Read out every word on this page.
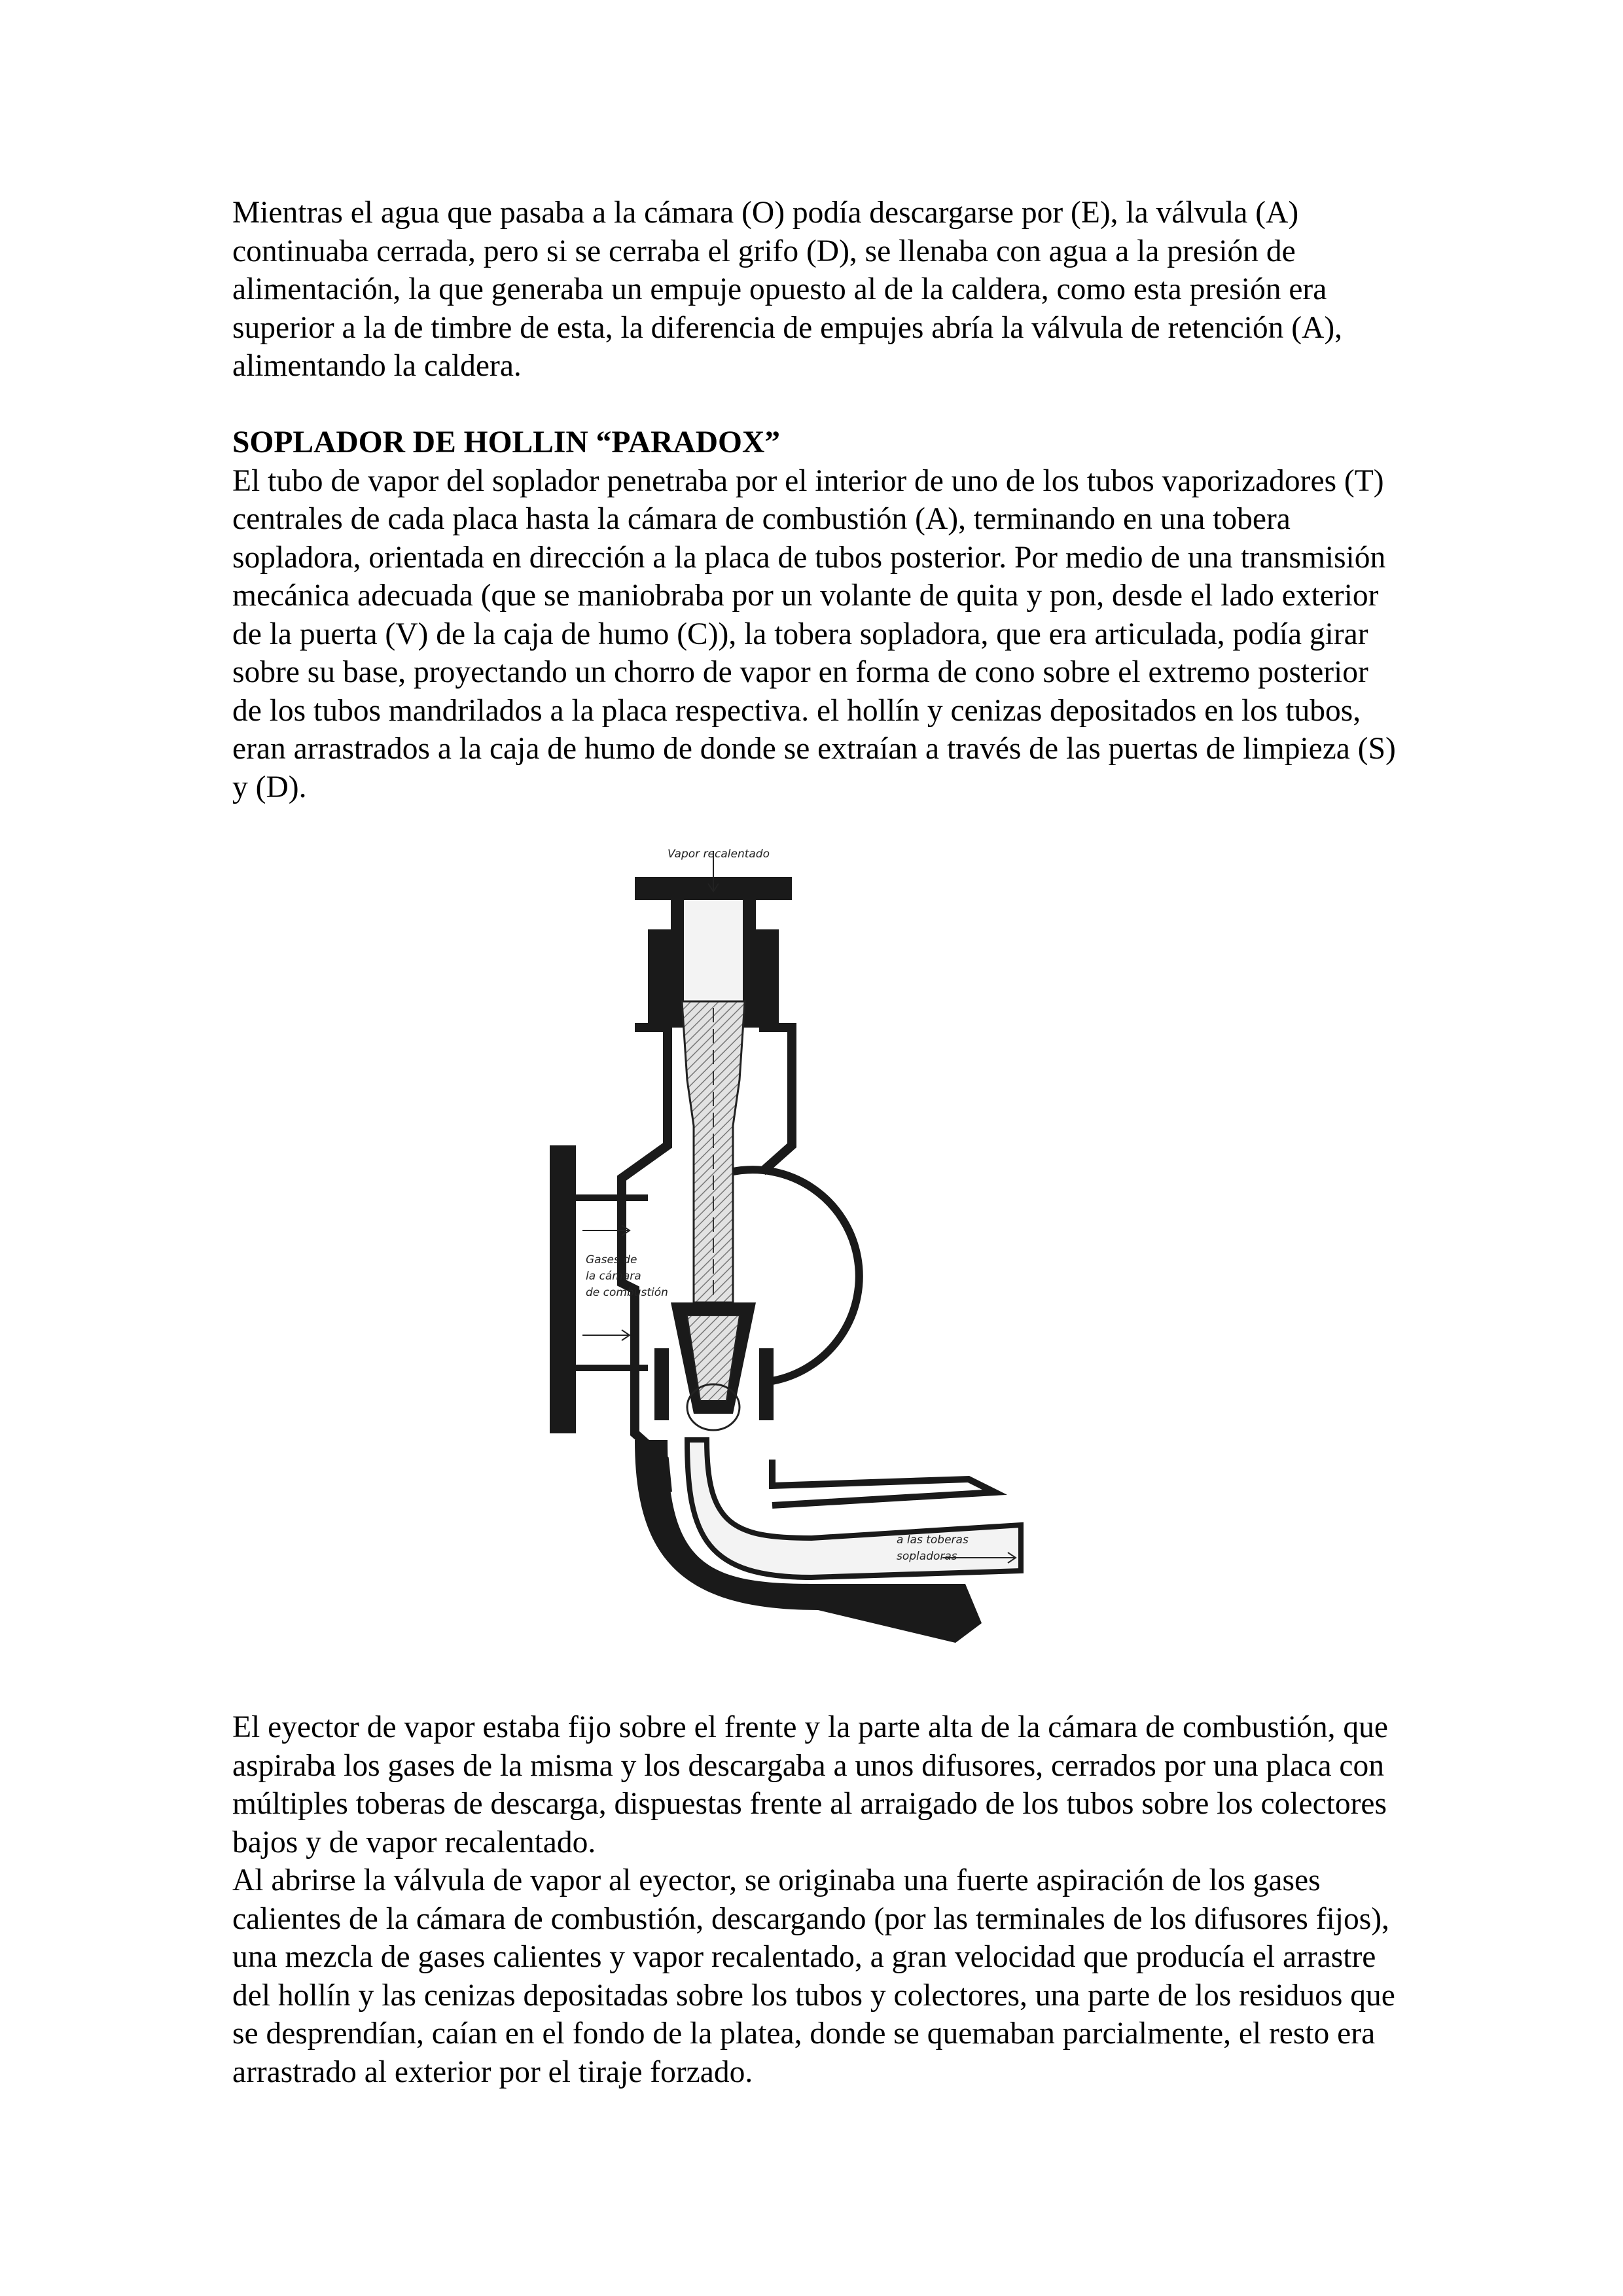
Mientras el agua que pasaba a la cámara (O) podía descargarse por (E), la válvula (A) continuaba cerrada, pero si se cerraba el grifo (D), se llenaba con agua a la presión de alimentación, la que generaba un empuje opuesto al de la caldera, como esta presión era superior a la de timbre de esta, la diferencia de empujes abría la válvula de retención (A), alimentando la caldera.

SOPLADOR DE HOLLIN “PARADOX”

El tubo de vapor del soplador penetraba por el interior de uno de los tubos vaporizadores (T) centrales de cada placa hasta la cámara de combustión (A), terminando en una tobera sopladora, orientada en dirección a la placa de tubos posterior. Por medio de una transmisión mecánica adecuada (que se maniobraba por un volante de quita y pon, desde el lado exterior de la puerta (V) de la caja de humo (C)), la tobera sopladora, que era articulada, podía girar sobre su base, proyectando un chorro de vapor en forma de cono sobre el extremo posterior de los tubos mandrilados a la placa respectiva. el hollín y cenizas depositados en los tubos, eran arrastrados a la caja de humo de donde se extraían a través de las puertas de limpieza (S) y (D).

Vapor recalentado
Gases de
la cámara
de combustión
a las toberas
sopladoras

El eyector de vapor estaba fijo sobre el frente y la parte alta de la cámara de combustión, que aspiraba los gases de la misma y los descargaba a unos difusores, cerrados por una placa con múltiples toberas de descarga, dispuestas frente al arraigado de los tubos sobre los colectores bajos y de vapor recalentado.

Al abrirse la válvula de vapor al eyector, se originaba una fuerte aspiración de los gases calientes de la cámara de combustión, descargando (por las terminales de los difusores fijos), una mezcla de gases calientes y vapor recalentado, a gran velocidad que producía el arrastre del hollín y las cenizas depositadas sobre los tubos y colectores, una parte de los residuos que se desprendían, caían en el fondo de la platea, donde se quemaban parcialmente, el resto era arrastrado al exterior por el tiraje forzado.
